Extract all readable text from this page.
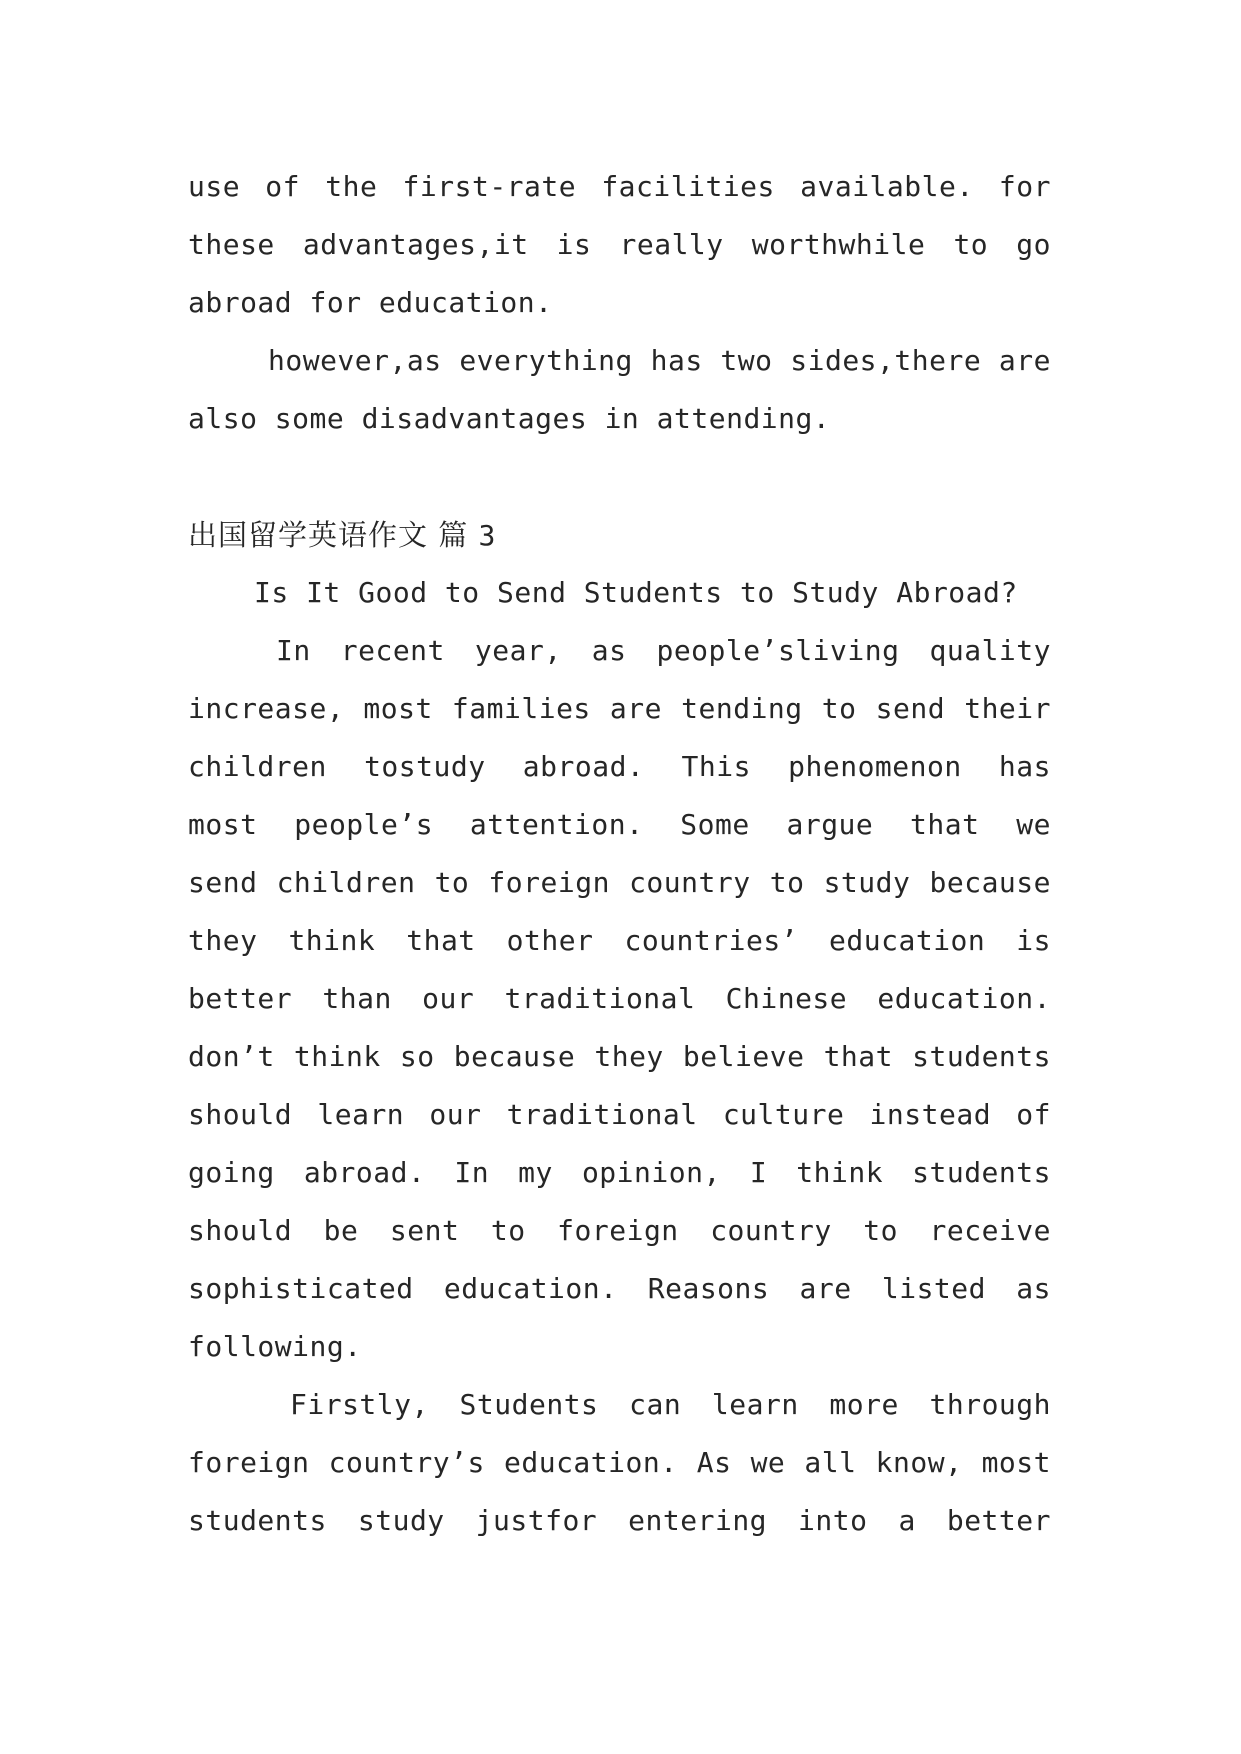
use of the first-rate facilities available. for
these advantages,it is really worthwhile to go
abroad for education.
however,as everything has two sides,there are
also some disadvantages in attending.
出国留学英语作文 篇 3
Is It Good to Send Students to Study Abroad?
In recent year, as people’sliving quality
increase, most families are tending to send their
children tostudy abroad. This phenomenon has
most people’s attention. Some argue that we
send children to foreign country to study because
they think that other countries’ education is
better than our traditional Chinese education.
don’t think so because they believe that students
should learn our traditional culture instead of
going abroad. In my opinion, I think students
should be sent to foreign country to receive
sophisticated education. Reasons are listed as
following.
Firstly, Students can learn more through
foreign country’s education. As we all know, most
students study justfor entering into a better
